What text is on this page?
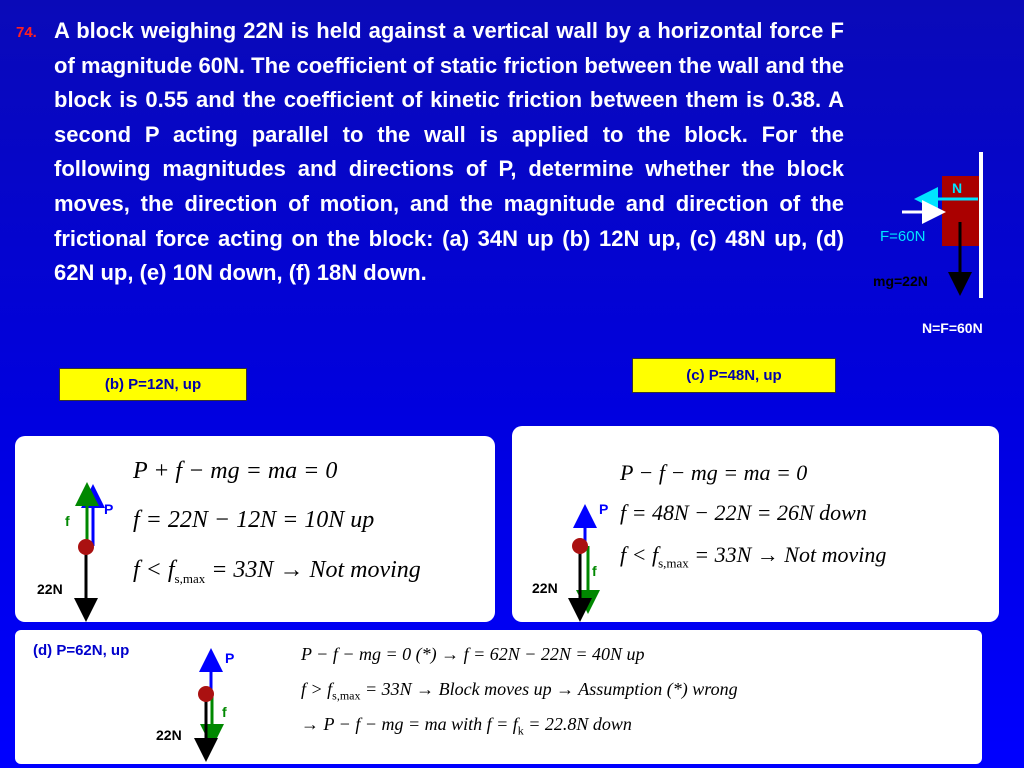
74. A block weighing 22N is held against a vertical wall by a horizontal force F of magnitude 60N. The coefficient of static friction between the wall and the block is 0.55 and the coefficient of kinetic friction between them is 0.38. A second P acting parallel to the wall is applied to the block. For the following magnitudes and directions of P, determine whether the block moves, the direction of motion, and the magnitude and direction of the frictional force acting on the block: (a) 34N up (b) 12N up, (c) 48N up, (d) 62N up, (e) 10N down, (f) 18N down.

N
F=60N
mg=22N
N=F=60N
(b) P=12N, up
(c) P=48N, up
P
f
22N
P + f − mg = ma = 0
f = 22N − 12N = 10N up
$f < f_{s,max} = 33N$ → Not moving
P
f
22N
P − f − mg = ma = 0
f = 48N − 22N = 26N down
$f < f_{s,max} = 33N$ → Not moving
(d) P=62N, up	P
f
22N
P − f − mg = 0 (*) → f = 62N − 22N = 40N up
$f > f_{s,max} = 33N$ → Block moves up → Assumption (*) wrong
→ P − f − mg = ma with $f = f_k = 22.8N$ down
